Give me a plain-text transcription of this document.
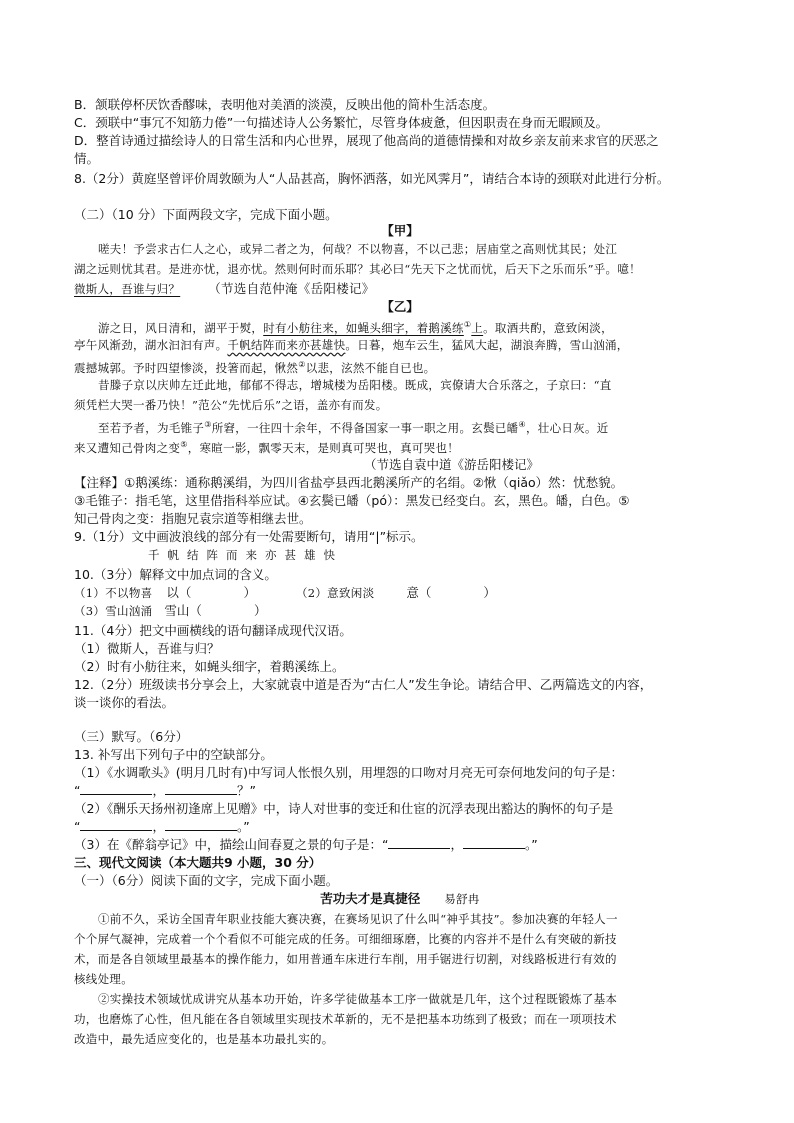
B．颔联停杯厌饮香醪味，表明他对美酒的淡漠，反映出他的简朴生活态度。
C．颈联中“事冗不知筋力倦”一句描述诗人公务繁忙，尽管身体疲惫，但因职责在身而无暇顾及。
D．整首诗通过描绘诗人的日常生活和内心世界，展现了他高尚的道德情操和对故乡亲友前来求官的厌恶之
情。
8.（2分）黄庭坚曾评价周敦颐为人“人品甚高，胸怀洒落，如光风霁月”，请结合本诗的颈联对此进行分析。
（二）（10 分）下面两段文字，完成下面小题。
【甲】
嗟夫！予尝求古仁人之心，或异二者之为，何哉？不以物喜，不以己悲；居庙堂之高则忧其民；处江
湖之远则忧其君。是进亦忧，退亦忧。然则何时而乐耶？其必曰“先天下之忧而忧，后天下之乐而乐”乎。噫！
微斯人，吾谁与归？ （节选自范仲淹《岳阳楼记》
【乙】
游之日，风日清和，湖平于熨，时有小舫往来，如蝇头细字，着鹅溪练①上。取酒共酌，意致闲淡，
亭午风渐劲，湖水汩汩有声。千帆结阵而来亦甚雄快。日暮，炮车云生，猛风大起，湖浪奔腾，雪山汹涌，
震撼城郭。予时四望惨淡，投箸而起，愀然②以悲，泫然不能自已也。
昔滕子京以庆帅左迁此地，郁郁不得志，增城楼为岳阳楼。既成，宾僚请大合乐落之，子京曰：“直
须凭栏大哭一番乃快！”范公“先忧后乐”之语，盖亦有而发。
至若予者，为毛锥子③所窘，一往四十余年，不得备国家一事一职之用。玄鬓已皤④，壮心日灰。近
来又遭知己骨肉之变⑤，寒暄一影，飘零天末，是则真可哭也，真可哭也！
（节选自袁中道《游岳阳楼记》
【注释】①鹅溪练：通称鹅溪绢，为四川省盐亭县西北鹅溪所产的名绢。②愀（qiǎo）然：忧愁貌。
③毛锥子：指毛笔，这里借指科举应试。④玄鬓已皤（pó）：黑发已经变白。玄，黑色。皤，白色。⑤
知己骨肉之变：指胞兄袁宗道等相继去世。
9.（1分）文中画波浪线的部分有一处需要断句，请用“|”标示。
千帆结阵而来亦甚雄快
10.（3分）解释文中加点词的含义。
（1）不以物喜 以（	）	（2）意致闲淡	意（	）
（3）雪山汹涌 雪山（	）
11.（4分）把文中画横线的语句翻译成现代汉语。
（1）微斯人，吾谁与归？
（2）时有小舫往来，如蝇头细字，着鹅溪练上。
12.（2分）班级读书分享会上，大家就袁中道是否为“古仁人”发生争论。请结合甲、乙两篇选文的内容，
谈一谈你的看法。
（三）默写。（6分）
13. 补写出下列句子中的空缺部分。
（1）《水调歌头》(明月几时有)中写词人怅恨久别，用埋怨的口吻对月亮无可奈何地发问的句子是：
“	，	？”
（2）《酬乐天扬州初逢席上见赠》中，诗人对世事的变迁和仕宦的沉浮表现出豁达的胸怀的句子是
“	，	。”
（3）在《醉翁亭记》中，描绘山间春夏之景的句子是：“	，	。”
三、现代文阅读（本大题共9 小题，30 分）
（一）（6分）阅读下面的文字，完成下面小题。
苦功夫才是真捷径 易舒冉
①前不久，采访全国青年职业技能大赛决赛，在赛场见识了什么叫“神乎其技”。参加决赛的年轻人一
个个屏气凝神，完成着一个个看似不可能完成的任务。可细细琢磨，比赛的内容并不是什么有突破的新技
术，而是各自领域里最基本的操作能力，如用普通车床进行车削，用手锯进行切割，对线路板进行有效的
核线处理。
②实操技术领域忧成讲究从基本功开始，许多学徒做基本工序一做就是几年，这个过程既锻炼了基本
功，也磨炼了心性，但凡能在各自领域里实现技术革新的，无不是把基本功练到了极致；而在一项项技术
改造中，最先适应变化的，也是基本功最扎实的。
